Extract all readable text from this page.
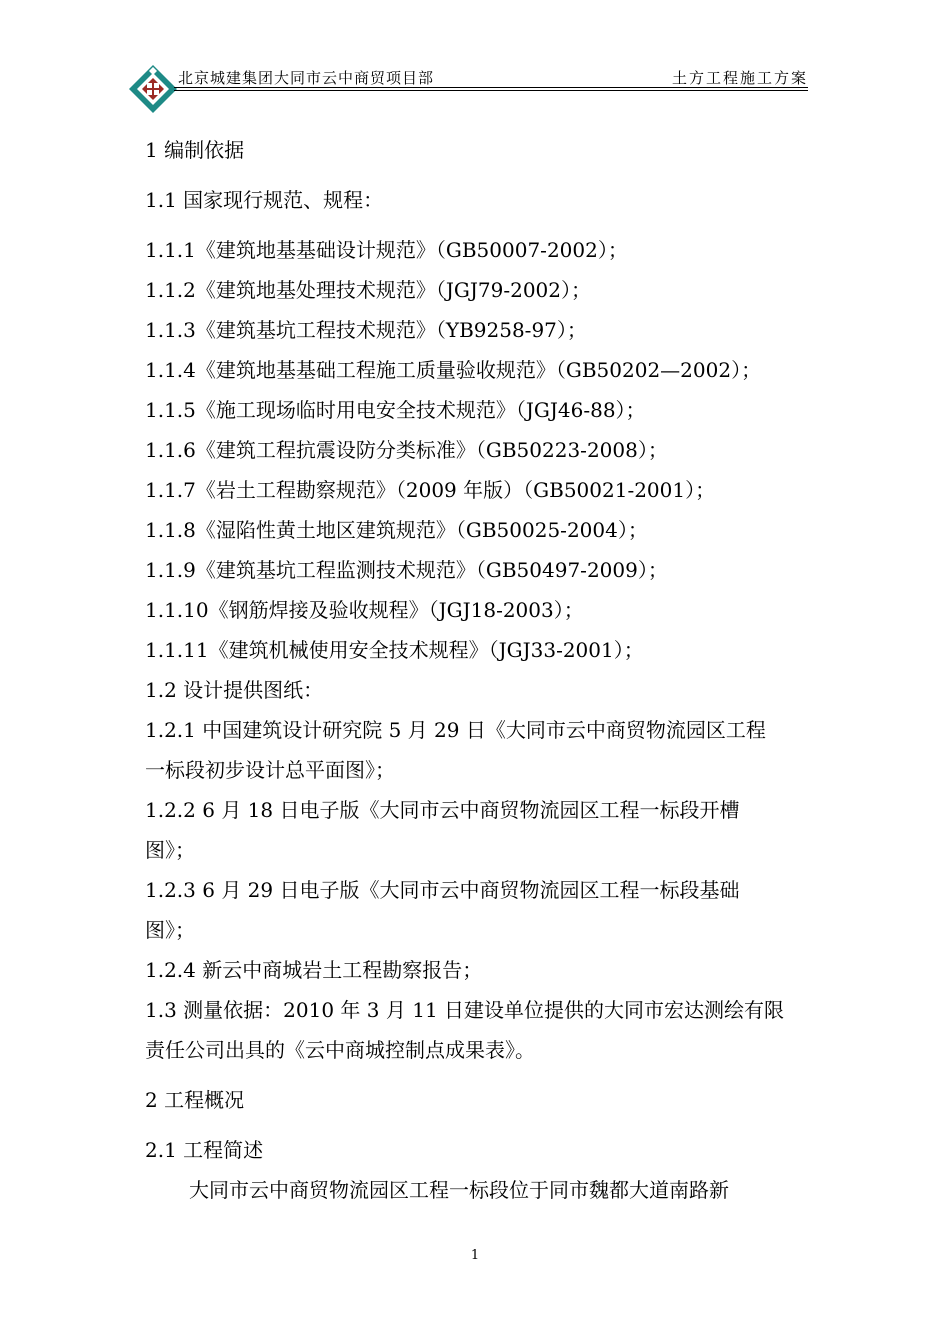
北京城建集团大同市云中商贸项目部	土方工程施工方案
1 编制依据
1.1 国家现行规范、规程：
1.1.1《建筑地基基础设计规范》（GB50007-2002）；
1.1.2《建筑地基处理技术规范》（JGJ79-2002）；
1.1.3《建筑基坑工程技术规范》（YB9258-97）；
1.1.4《建筑地基基础工程施工质量验收规范》（GB50202—2002）；
1.1.5《施工现场临时用电安全技术规范》（JGJ46-88）；
1.1.6《建筑工程抗震设防分类标准》（GB50223-2008）；
1.1.7《岩土工程勘察规范》（2009 年版）（GB50021-2001）；
1.1.8《湿陷性黄土地区建筑规范》（GB50025-2004）；
1.1.9《建筑基坑工程监测技术规范》（GB50497-2009）；
1.1.10《钢筋焊接及验收规程》（JGJ18-2003）；
1.1.11《建筑机械使用安全技术规程》（JGJ33-2001）；
1.2 设计提供图纸：
1.2.1 中国建筑设计研究院 5 月 29 日《大同市云中商贸物流园区工程
一标段初步设计总平面图》；
1.2.2 6 月 18 日电子版《大同市云中商贸物流园区工程一标段开槽
图》；
1.2.3 6 月 29 日电子版《大同市云中商贸物流园区工程一标段基础
图》；
1.2.4 新云中商城岩土工程勘察报告；
1.3 测量依据：2010 年 3 月 11 日建设单位提供的大同市宏达测绘有限
责任公司出具的《云中商城控制点成果表》。
2 工程概况
2.1 工程简述
大同市云中商贸物流园区工程一标段位于同市魏都大道南路新
1
